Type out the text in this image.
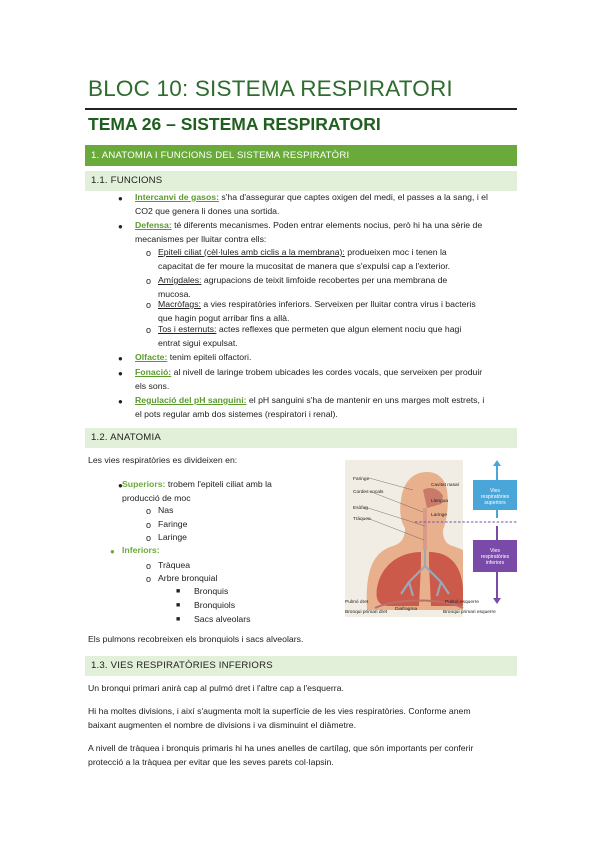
BLOC 10: SISTEMA RESPIRATORI
TEMA 26 – SISTEMA RESPIRATORI
1. ANATOMIA I FUNCIONS DEL SISTEMA RESPIRATÒRI
1.1. FUNCIONS
● Intercanvi de gasos: s'ha d'assegurar que captes oxigen del medi, el passes a la sang, i el
CO2 que genera li dones una sortida.
● Defensa: té diferents mecanismes. Poden entrar elements nocius, però hi ha una sèrie de
mecanismes per lluitar contra ells:
o Epiteli ciliat (cèl·lules amb ciclis a la membrana): produeixen moc i tenen la
capacitat de fer moure la mucositat de manera que s'expulsi cap a l'exterior.
o Amígdales: agrupacions de teixit limfoide recobertes per una membrana de
mucosa.
o Macròfags: a vies respiratòries inferiors. Serveixen per lluitar contra virus i bacteris
que hagin pogut arribar fins a allà.
o Tos i esternuts: actes reflexes que permeten que algun element nociu que hagi
entrat sigui expulsat.
● Olfacte: tenim epiteli olfactori.
● Fonació: al nivell de laringe trobem ubicades les cordes vocals, que serveixen per produir
els sons.
● Regulació del pH sanguini: el pH sanguini s'ha de mantenir en uns marges molt estrets, i
el pots regular amb dos sistemes (respiratori i renal).
1.2. ANATOMIA
Les vies respiratòries es divideixen en:
● Superiors: trobem l'epiteli ciliat amb la
producció de moc
o Nas
o Faringe
o Laringe
● Inferiors:
o Tràquea
o Arbre bronquial
■ Bronquis
■ Bronquiols
■ Sacs alveolars
Els pulmons recobreixen els bronquiols i sacs alveolars.
Faringe
Cordes vocals
Esòfag
Tràquea
Cavitat nasal
Llengua
Laringe
Pulmó dret
Bronqui primari dret
Diafragma
Pulmó esquerre
Bronqui primari esquerre
Vies respiratòries superiors
Vies respiratòries inferiors
1.3. VIES RESPIRATÒRIES INFERIORS
Un bronqui primari anirà cap al pulmó dret i l'altre cap a l'esquerra.
Hi ha moltes divisions, i així s'augmenta molt la superfície de les vies respiratòries. Conforme anem
baixant augmenten el nombre de divisions i va disminuint el diàmetre.
A nivell de tràquea i bronquis primaris hi ha unes anelles de cartílag, que són importants per conferir
protecció a la tràquea per evitar que les seves parets col·lapsin.
